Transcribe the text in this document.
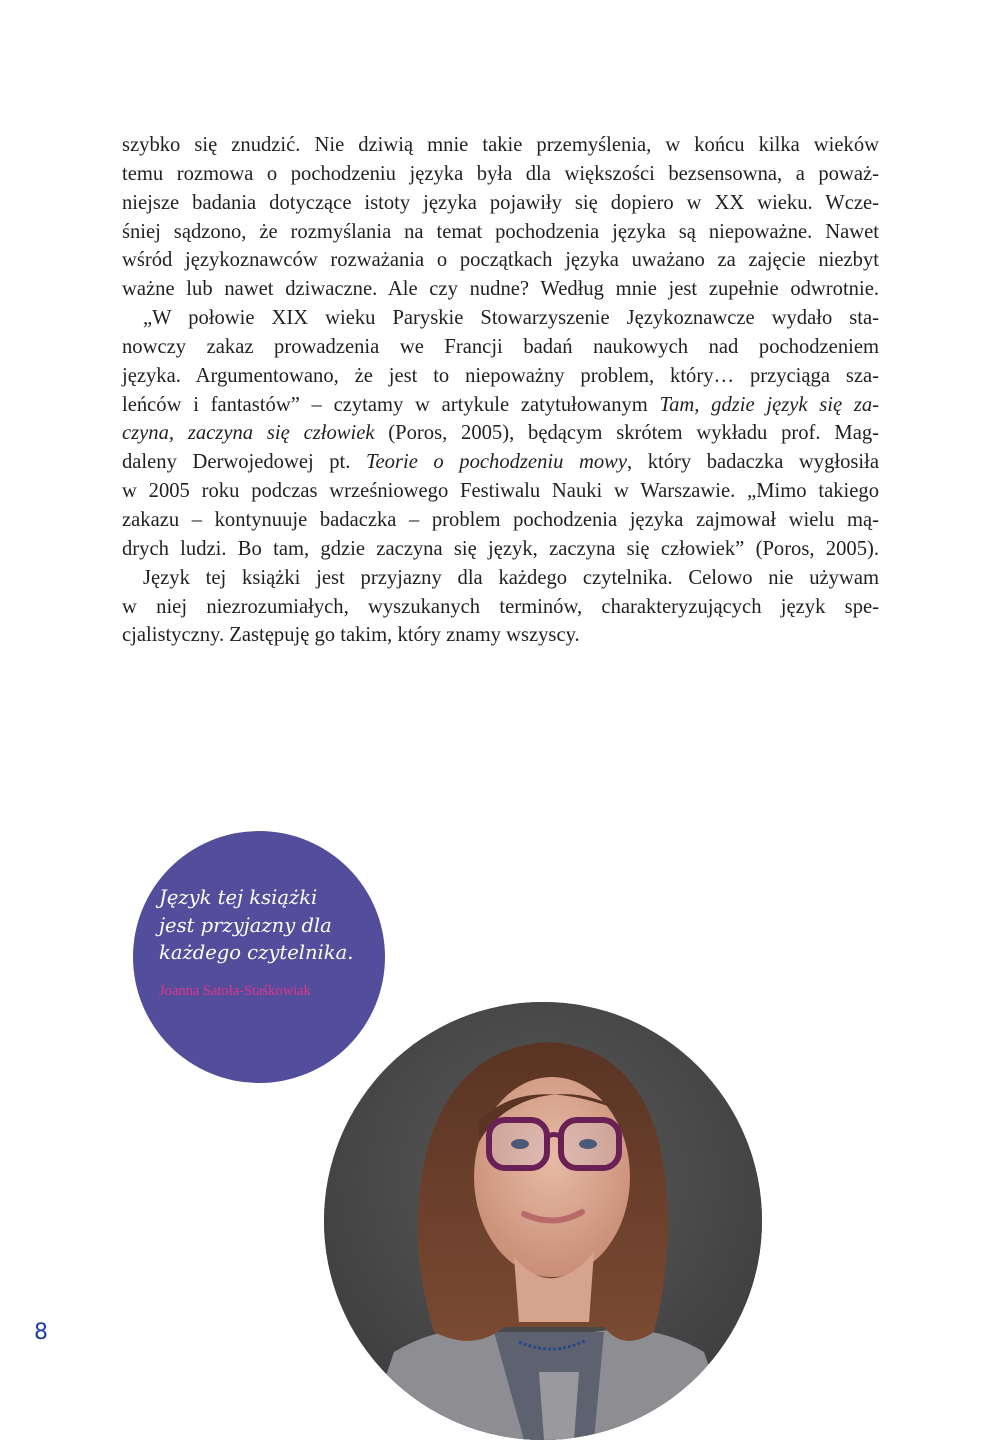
szybko się znudzić. Nie dziwią mnie takie przemyślenia, w końcu kilka wieków
temu rozmowa o pochodzeniu języka była dla większości bezsensowna, a poważ-
niejsze badania dotyczące istoty języka pojawiły się dopiero w XX wieku. Wcze-
śniej sądzono, że rozmyślania na temat pochodzenia języka są niepoważne. Nawet
wśród językoznawców rozważania o początkach języka uważano za zajęcie niezbyt
ważne lub nawet dziwaczne. Ale czy nudne? Według mnie jest zupełnie odwrotnie.
„W połowie XIX wieku Paryskie Stowarzyszenie Językoznawcze wydało sta-
nowczy zakaz prowadzenia we Francji badań naukowych nad pochodzeniem
języka. Argumentowano, że jest to niepoważny problem, który… przyciąga sza-
leńców i fantastów” – czytamy w artykule zatytułowanym Tam, gdzie język się za-
czyna, zaczyna się człowiek (Poros, 2005), będącym skrótem wykładu prof. Mag-
daleny Derwojedowej pt. Teorie o pochodzeniu mowy, który badaczka wygłosiła
w 2005 roku podczas wrześniowego Festiwalu Nauki w Warszawie. „Mimo takiego
zakazu – kontynuuje badaczka – problem pochodzenia języka zajmował wielu mą-
drych ludzi. Bo tam, gdzie zaczyna się język, zaczyna się człowiek” (Poros, 2005).
Język tej książki jest przyjazny dla każdego czytelnika. Celowo nie używam
w niej niezrozumiałych, wyszukanych terminów, charakteryzujących język spe-
cjalistyczny. Zastępuję go takim, który znamy wszyscy.
Język tej książki
jest przyjazny dla
każdego czytelnika.
Joanna Satoła-Staśkowiak
8
